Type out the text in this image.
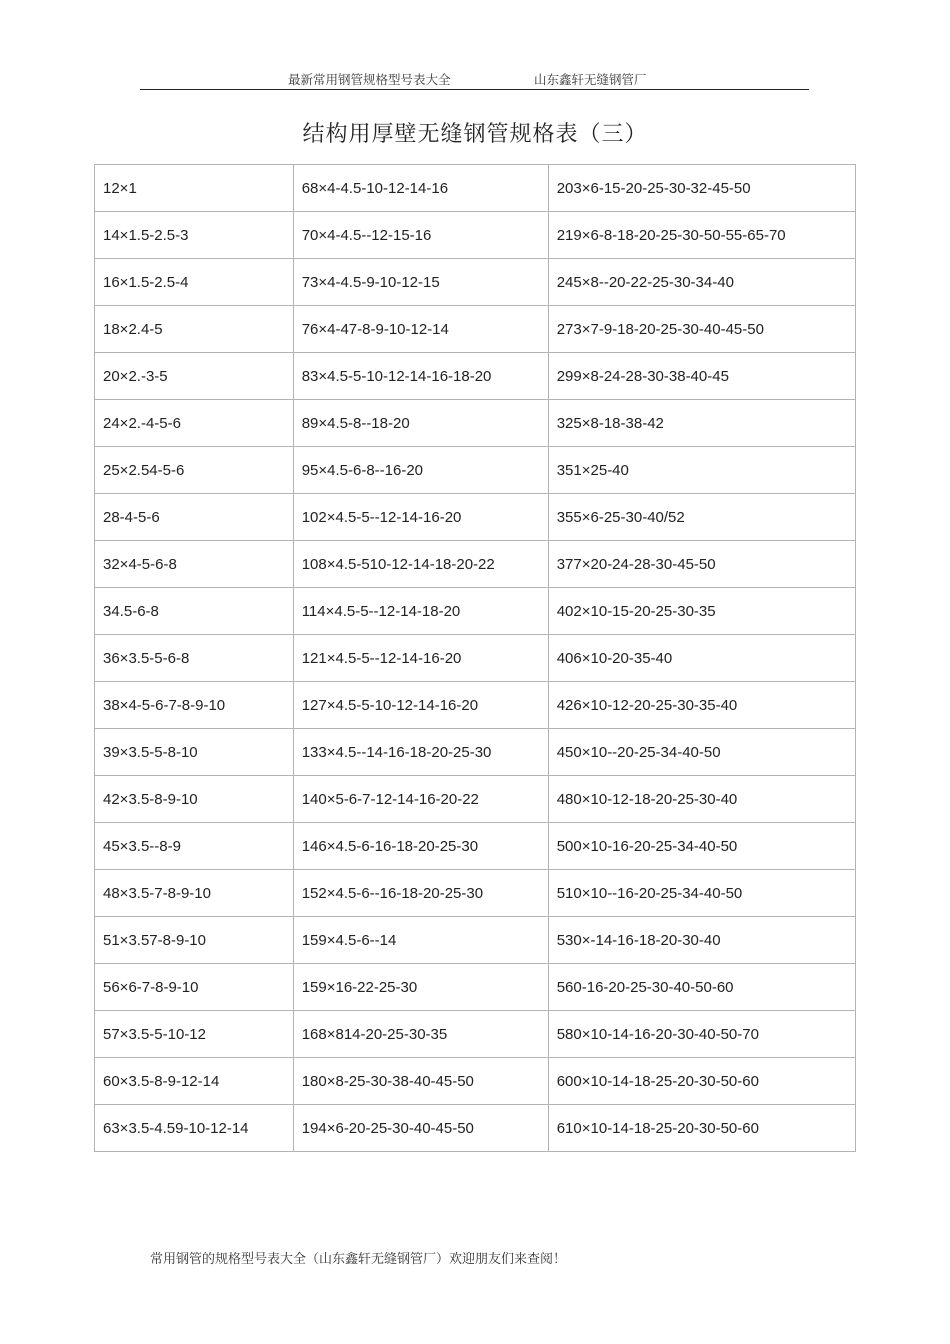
最新常用钢管规格型号表大全	山东鑫轩无缝钢管厂
结构用厚壁无缝钢管规格表（三）
12×1	68×4-4.5-10-12-14-16	203×6-15-20-25-30-32-45-50
14×1.5-2.5-3	70×4-4.5--12-15-16	219×6-8-18-20-25-30-50-55-65-70
16×1.5-2.5-4	73×4-4.5-9-10-12-15	245×8--20-22-25-30-34-40
18×2.4-5	76×4-47-8-9-10-12-14	273×7-9-18-20-25-30-40-45-50
20×2.-3-5	83×4.5-5-10-12-14-16-18-20	299×8-24-28-30-38-40-45
24×2.-4-5-6	89×4.5-8--18-20	325×8-18-38-42
25×2.54-5-6	95×4.5-6-8--16-20	351×25-40
28-4-5-6	102×4.5-5--12-14-16-20	355×6-25-30-40/52
32×4-5-6-8	108×4.5-510-12-14-18-20-22	377×20-24-28-30-45-50
34.5-6-8	114×4.5-5--12-14-18-20	402×10-15-20-25-30-35
36×3.5-5-6-8	121×4.5-5--12-14-16-20	406×10-20-35-40
38×4-5-6-7-8-9-10	127×4.5-5-10-12-14-16-20	426×10-12-20-25-30-35-40
39×3.5-5-8-10	133×4.5--14-16-18-20-25-30	450×10--20-25-34-40-50
42×3.5-8-9-10	140×5-6-7-12-14-16-20-22	480×10-12-18-20-25-30-40
45×3.5--8-9	146×4.5-6-16-18-20-25-30	500×10-16-20-25-34-40-50
48×3.5-7-8-9-10	152×4.5-6--16-18-20-25-30	510×10--16-20-25-34-40-50
51×3.57-8-9-10	159×4.5-6--14	530×-14-16-18-20-30-40
56×6-7-8-9-10	159×16-22-25-30	560-16-20-25-30-40-50-60
57×3.5-5-10-12	168×814-20-25-30-35	580×10-14-16-20-30-40-50-70
60×3.5-8-9-12-14	180×8-25-30-38-40-45-50	600×10-14-18-25-20-30-50-60
63×3.5-4.59-10-12-14	194×6-20-25-30-40-45-50	610×10-14-18-25-20-30-50-60
常用钢管的规格型号表大全（山东鑫轩无缝钢管厂）欢迎朋友们来查阅！
